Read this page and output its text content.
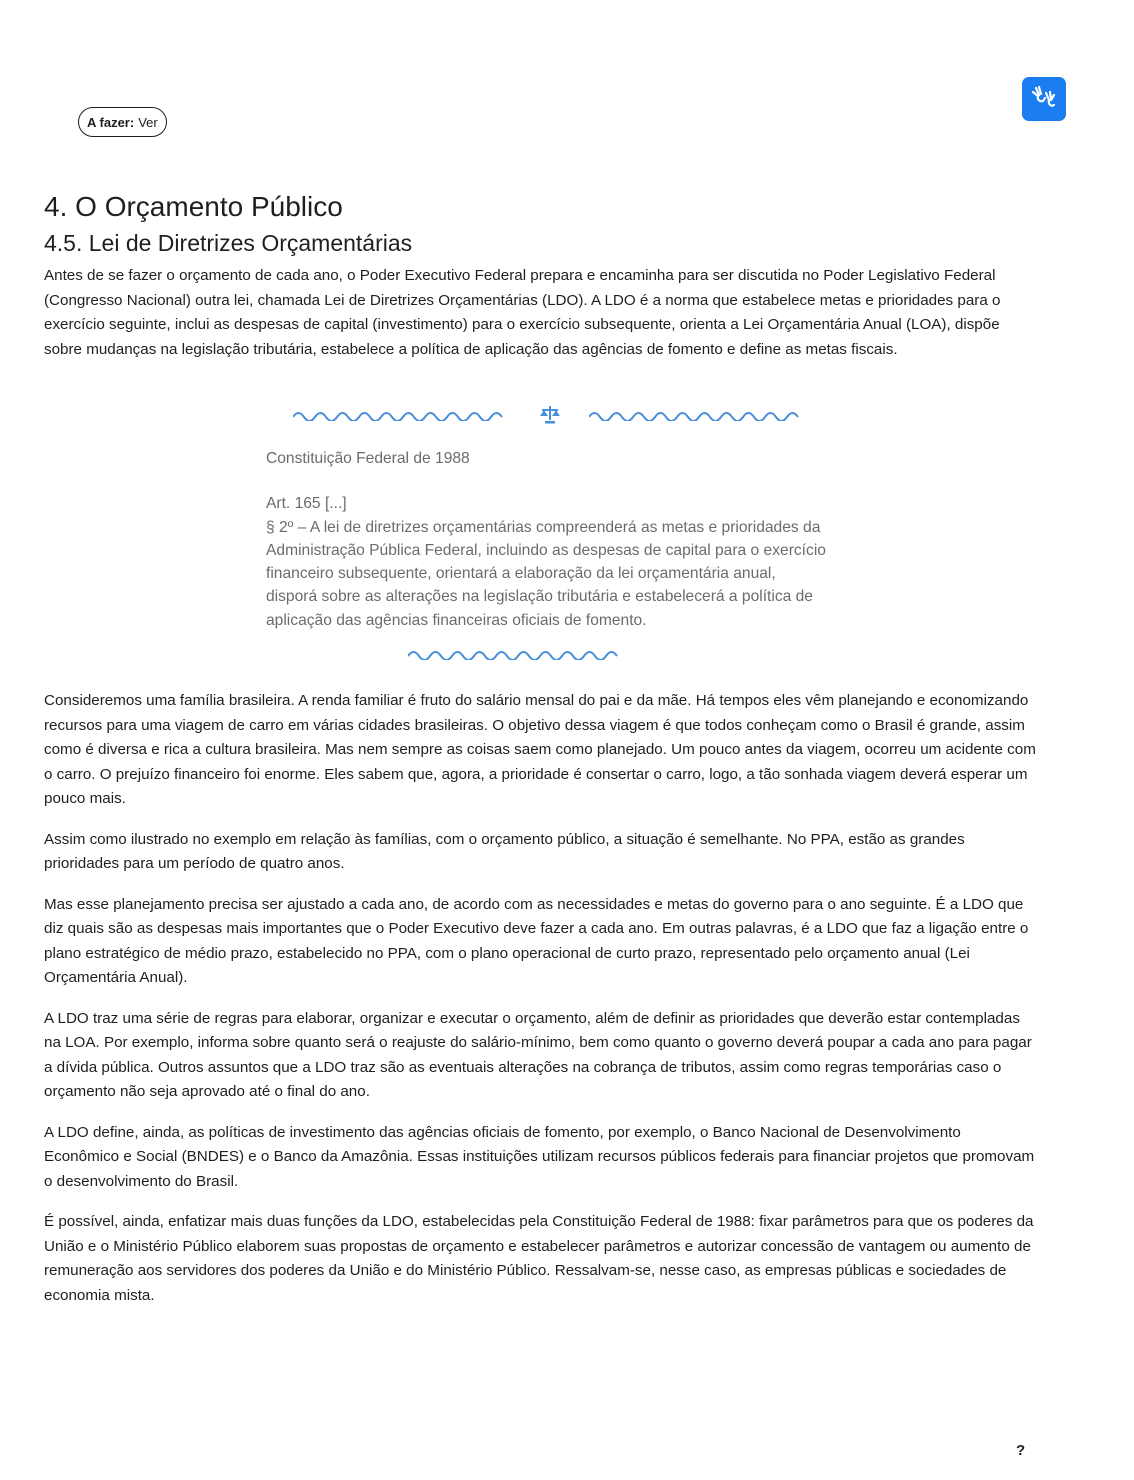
A fazer: Ver
4. O Orçamento Público
4.5. Lei de Diretrizes Orçamentárias

Antes de se fazer o orçamento de cada ano, o Poder Executivo Federal prepara e encaminha para ser discutida no Poder Legislativo Federal (Congresso Nacional) outra lei, chamada Lei de Diretrizes Orçamentárias (LDO). A LDO é a norma que estabelece metas e prioridades para o exercício seguinte, inclui as despesas de capital (investimento) para o exercício subsequente, orienta a Lei Orçamentária Anual (LOA), dispõe sobre mudanças na legislação tributária, estabelece a política de aplicação das agências de fomento e define as metas fiscais.

Constituição Federal de 1988
Art. 165 [...]
§ 2º – A lei de diretrizes orçamentárias compreenderá as metas e prioridades da Administração Pública Federal, incluindo as despesas de capital para o exercício financeiro subsequente, orientará a elaboração da lei orçamentária anual, disporá sobre as alterações na legislação tributária e estabelecerá a política de aplicação das agências financeiras oficiais de fomento.

Consideremos uma família brasileira. A renda familiar é fruto do salário mensal do pai e da mãe. Há tempos eles vêm planejando e economizando recursos para uma viagem de carro em várias cidades brasileiras. O objetivo dessa viagem é que todos conheçam como o Brasil é grande, assim como é diversa e rica a cultura brasileira. Mas nem sempre as coisas saem como planejado. Um pouco antes da viagem, ocorreu um acidente com o carro. O prejuízo financeiro foi enorme. Eles sabem que, agora, a prioridade é consertar o carro, logo, a tão sonhada viagem deverá esperar um pouco mais.

Assim como ilustrado no exemplo em relação às famílias, com o orçamento público, a situação é semelhante. No PPA, estão as grandes prioridades para um período de quatro anos.

Mas esse planejamento precisa ser ajustado a cada ano, de acordo com as necessidades e metas do governo para o ano seguinte. É a LDO que diz quais são as despesas mais importantes que o Poder Executivo deve fazer a cada ano. Em outras palavras, é a LDO que faz a ligação entre o plano estratégico de médio prazo, estabelecido no PPA, com o plano operacional de curto prazo, representado pelo orçamento anual (Lei Orçamentária Anual).

A LDO traz uma série de regras para elaborar, organizar e executar o orçamento, além de definir as prioridades que deverão estar contempladas na LOA. Por exemplo, informa sobre quanto será o reajuste do salário-mínimo, bem como quanto o governo deverá poupar a cada ano para pagar a dívida pública. Outros assuntos que a LDO traz são as eventuais alterações na cobrança de tributos, assim como regras temporárias caso o orçamento não seja aprovado até o final do ano.

A LDO define, ainda, as políticas de investimento das agências oficiais de fomento, por exemplo, o Banco Nacional de Desenvolvimento Econômico e Social (BNDES) e o Banco da Amazônia. Essas instituições utilizam recursos públicos federais para financiar projetos que promovam o desenvolvimento do Brasil.

É possível, ainda, enfatizar mais duas funções da LDO, estabelecidas pela Constituição Federal de 1988: fixar parâmetros para que os poderes da União e o Ministério Público elaborem suas propostas de orçamento e estabelecer parâmetros e autorizar concessão de vantagem ou aumento de remuneração aos servidores dos poderes da União e do Ministério Público. Ressalvam-se, nesse caso, as empresas públicas e sociedades de economia mista.

?
